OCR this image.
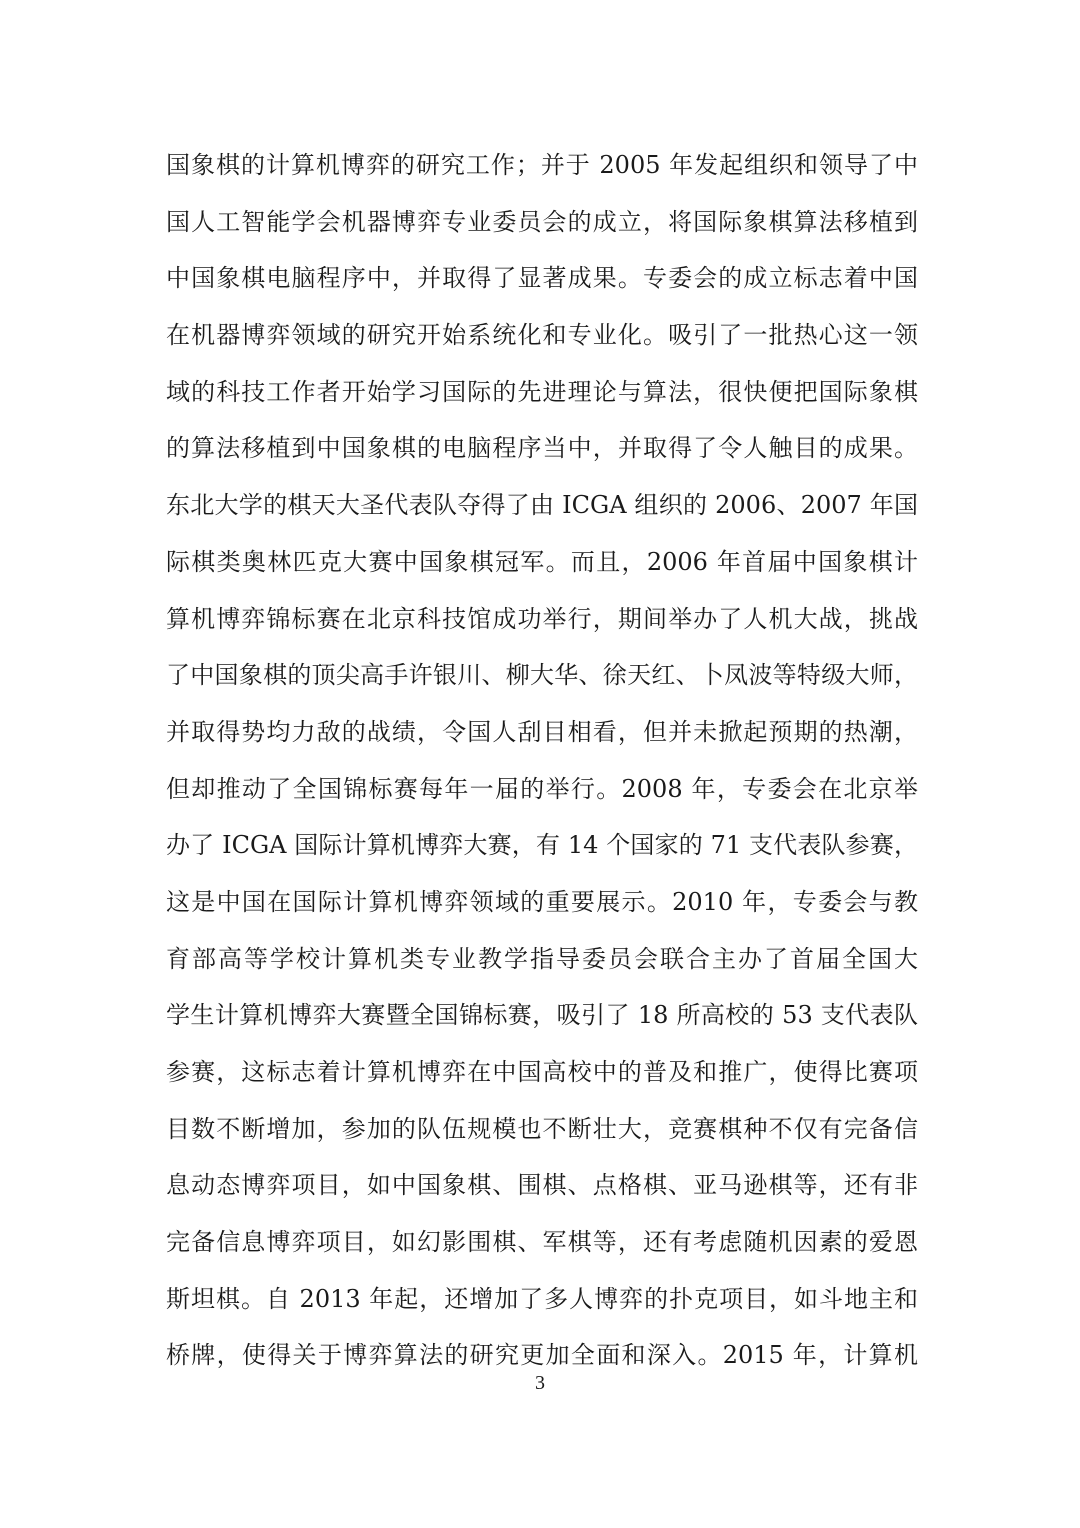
国象棋的计算机博弈的研究工作；并于 2005 年发起组织和领导了中
国人工智能学会机器博弈专业委员会的成立，将国际象棋算法移植到
中国象棋电脑程序中，并取得了显著成果。专委会的成立标志着中国
在机器博弈领域的研究开始系统化和专业化。吸引了一批热心这一领
域的科技工作者开始学习国际的先进理论与算法，很快便把国际象棋
的算法移植到中国象棋的电脑程序当中，并取得了令人触目的成果。
东北大学的棋天大圣代表队夺得了由 ICGA 组织的 2006、2007 年国
际棋类奥林匹克大赛中国象棋冠军。而且，2006 年首届中国象棋计
算机博弈锦标赛在北京科技馆成功举行，期间举办了人机大战，挑战
了中国象棋的顶尖高手许银川、柳大华、徐天红、卜凤波等特级大师，
并取得势均力敌的战绩，令国人刮目相看，但并未掀起预期的热潮，
但却推动了全国锦标赛每年一届的举行。2008 年，专委会在北京举
办了 ICGA 国际计算机博弈大赛，有 14 个国家的 71 支代表队参赛，
这是中国在国际计算机博弈领域的重要展示。2010 年，专委会与教
育部高等学校计算机类专业教学指导委员会联合主办了首届全国大
学生计算机博弈大赛暨全国锦标赛，吸引了 18 所高校的 53 支代表队
参赛，这标志着计算机博弈在中国高校中的普及和推广，使得比赛项
目数不断增加，参加的队伍规模也不断壮大，竞赛棋种不仅有完备信
息动态博弈项目，如中国象棋、围棋、点格棋、亚马逊棋等，还有非
完备信息博弈项目，如幻影围棋、军棋等，还有考虑随机因素的爱恩
斯坦棋。自 2013 年起，还增加了多人博弈的扑克项目，如斗地主和
桥牌，使得关于博弈算法的研究更加全面和深入。2015 年，计算机
3
